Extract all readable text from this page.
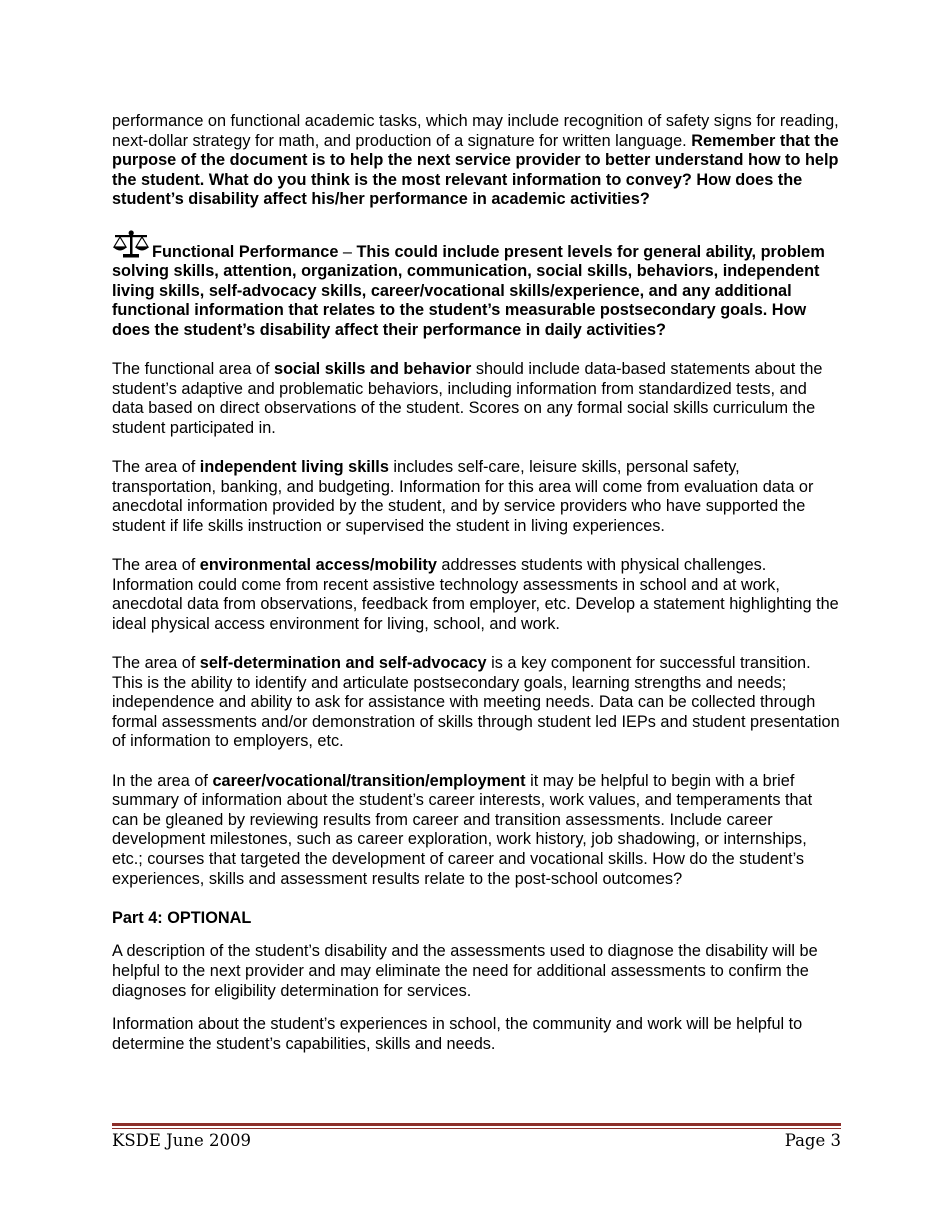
performance on functional academic tasks, which may include recognition of safety signs for reading, next-dollar strategy for math, and production of a signature for written language. Remember that the purpose of the document is to help the next service provider to better understand how to help the student. What do you think is the most relevant information to convey? How does the student’s disability affect his/her performance in academic activities?

Functional Performance – This could include present levels for general ability, problem solving skills, attention, organization, communication, social skills, behaviors, independent living skills, self-advocacy skills, career/vocational skills/experience, and any additional functional information that relates to the student’s measurable postsecondary goals. How does the student’s disability affect their performance in daily activities?

The functional area of social skills and behavior should include data-based statements about the student’s adaptive and problematic behaviors, including information from standardized tests, and data based on direct observations of the student. Scores on any formal social skills curriculum the student participated in.

The area of independent living skills includes self-care, leisure skills, personal safety, transportation, banking, and budgeting. Information for this area will come from evaluation data or anecdotal information provided by the student, and by service providers who have supported the student if life skills instruction or supervised the student in living experiences.

The area of environmental access/mobility addresses students with physical challenges. Information could come from recent assistive technology assessments in school and at work, anecdotal data from observations, feedback from employer, etc. Develop a statement highlighting the ideal physical access environment for living, school, and work.

The area of self-determination and self-advocacy is a key component for successful transition. This is the ability to identify and articulate postsecondary goals, learning strengths and needs; independence and ability to ask for assistance with meeting needs. Data can be collected through formal assessments and/or demonstration of skills through student led IEPs and student presentation of information to employers, etc.

In the area of career/vocational/transition/employment it may be helpful to begin with a brief summary of information about the student’s career interests, work values, and temperaments that can be gleaned by reviewing results from career and transition assessments. Include career development milestones, such as career exploration, work history, job shadowing, or internships, etc.; courses that targeted the development of career and vocational skills. How do the student’s experiences, skills and assessment results relate to the post-school outcomes?

Part 4: OPTIONAL

A description of the student’s disability and the assessments used to diagnose the disability will be helpful to the next provider and may eliminate the need for additional assessments to confirm the diagnoses for eligibility determination for services.

Information about the student’s experiences in school, the community and work will be helpful to determine the student’s capabilities, skills and needs.

KSDE June 2009	Page 3
